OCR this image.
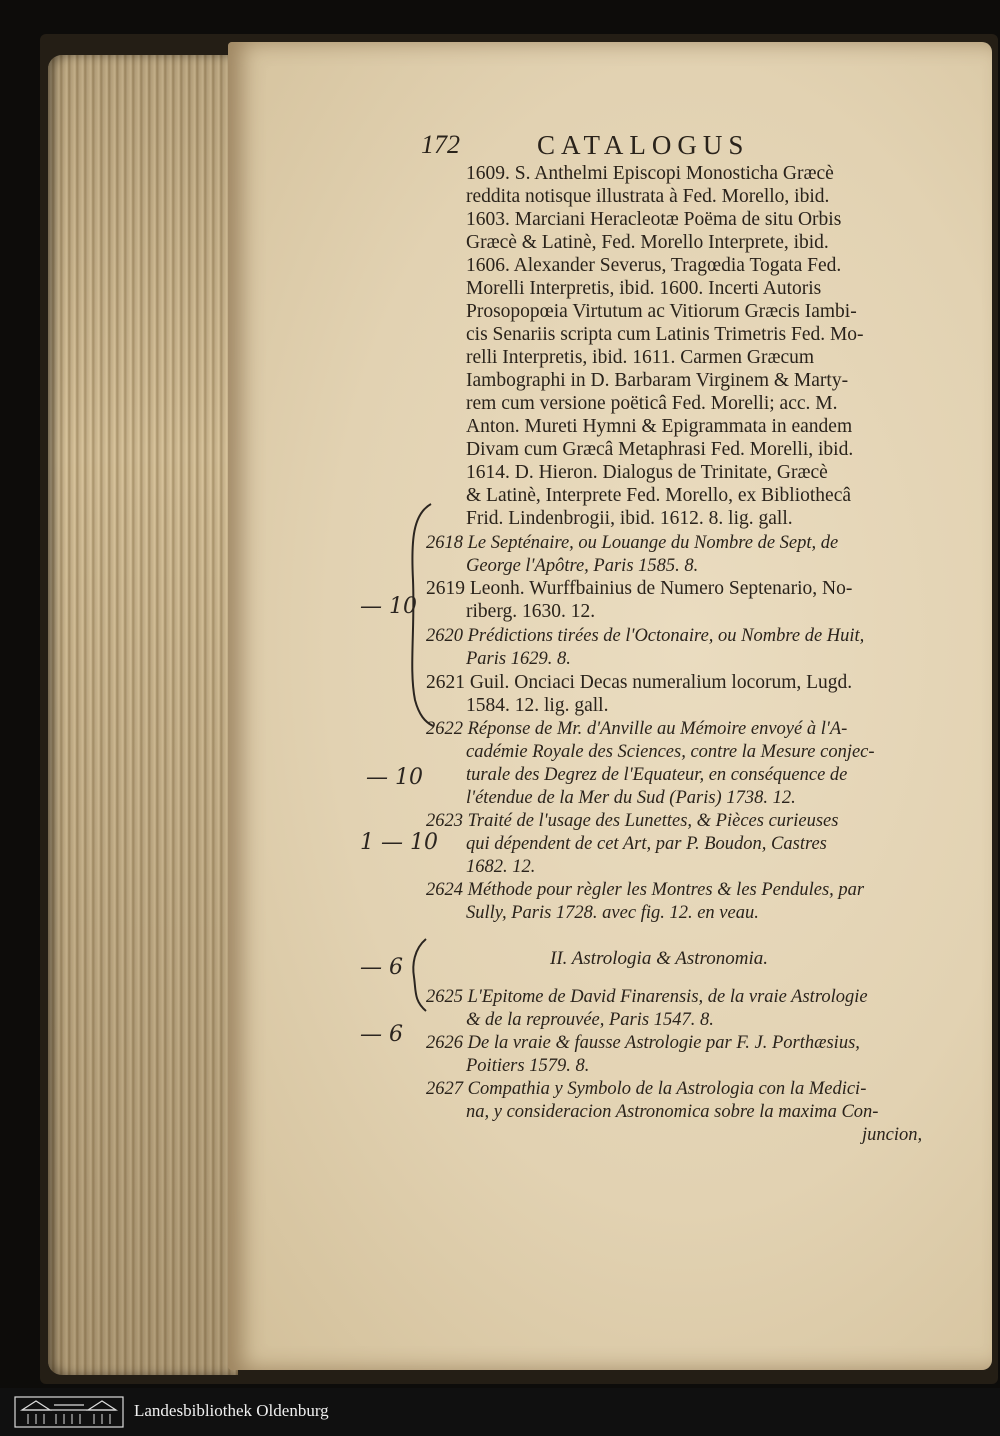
172	CATALOGUS
1609. S. Anthelmi Episcopi Monosticha Græcè
reddita notisque illustrata à Fed. Morello, ibid.
1603. Marciani Heracleotæ Poëma de situ Orbis
Græcè & Latinè, Fed. Morello Interprete, ibid.
1606. Alexander Severus, Tragœdia Togata Fed.
Morelli Interpretis, ibid. 1600. Incerti Autoris
Prosopopœia Virtutum ac Vitiorum Græcis Iambi-
cis Senariis scripta cum Latinis Trimetris Fed. Mo-
relli Interpretis, ibid. 1611. Carmen Græcum
Iambographi in D. Barbaram Virginem & Marty-
rem cum versione poëticâ Fed. Morelli; acc. M.
Anton. Mureti Hymni & Epigrammata in eandem
Divam cum Græcâ Metaphrasi Fed. Morelli, ibid.
1614. D. Hieron. Dialogus de Trinitate, Græcè
& Latinè, Interprete Fed. Morello, ex Bibliothecâ
Frid. Lindenbrogii, ibid. 1612. 8. lig. gall.
2618 Le Septénaire, ou Louange du Nombre de Sept, de
George l'Apôtre, Paris 1585. 8.
2619 Leonh. Wurffbainius de Numero Septenario, No-
riberg. 1630. 12.
2620 Prédictions tirées de l'Octonaire, ou Nombre de Huit,
Paris 1629. 8.
2621 Guil. Onciaci Decas numeralium locorum, Lugd.
1584. 12. lig. gall.
2622 Réponse de Mr. d'Anville au Mémoire envoyé à l'A-
cadémie Royale des Sciences, contre la Mesure conjec-
turale des Degrez de l'Equateur, en conséquence de
l'étendue de la Mer du Sud (Paris) 1738. 12.
2623 Traité de l'usage des Lunettes, & Pièces curieuses
qui dépendent de cet Art, par P. Boudon, Castres
1682. 12.
2624 Méthode pour règler les Montres & les Pendules, par
Sully, Paris 1728. avec fig. 12. en veau.
II. Astrologia & Astronomia.
2625 L'Epitome de David Finarensis, de la vraie Astrologie
& de la reprouvée, Paris 1547. 8.
2626 De la vraie & fausse Astrologie par F. J. Porthæsius,
Poitiers 1579. 8.
2627 Compathia y Symbolo de la Astrologia con la Medici-
na, y consideracion Astronomica sobre la maxima Con-
juncion,
— 10
— 10
1 — 10
— 6
— 6
Landesbibliothek Oldenburg
